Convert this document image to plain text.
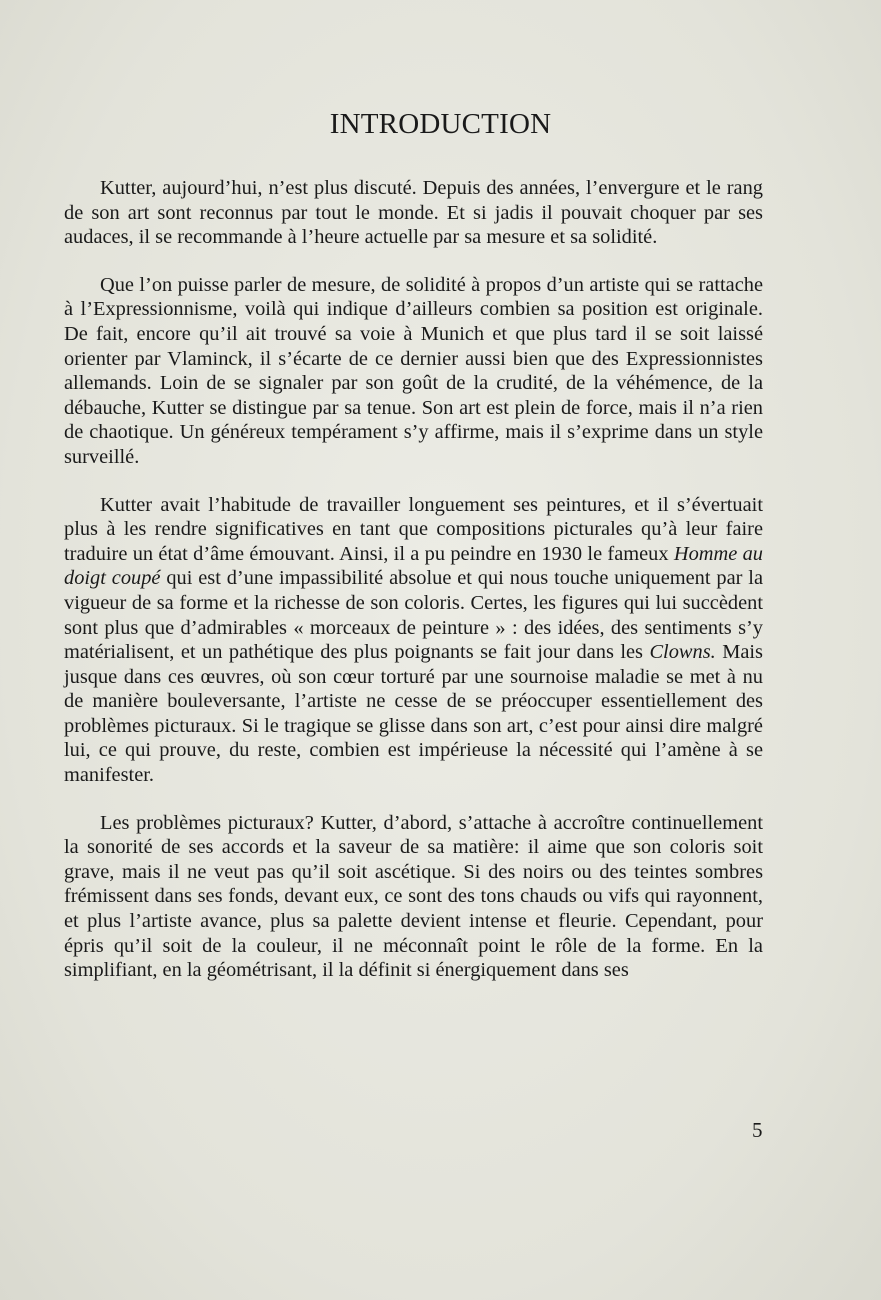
INTRODUCTION

Kutter, aujourd’hui, n’est plus discuté. Depuis des années, l’envergure et le rang de son art sont reconnus par tout le monde. Et si jadis il pouvait choquer par ses audaces, il se recommande à l’heure actuelle par sa mesure et sa solidité.

Que l’on puisse parler de mesure, de solidité à propos d’un artiste qui se rattache à l’Expressionnisme, voilà qui indique d’ailleurs combien sa position est originale. De fait, encore qu’il ait trouvé sa voie à Munich et que plus tard il se soit laissé orienter par Vlaminck, il s’écarte de ce dernier aussi bien que des Expressionnistes allemands. Loin de se signaler par son goût de la crudité, de la véhémence, de la débauche, Kutter se distingue par sa tenue. Son art est plein de force, mais il n’a rien de chaotique. Un généreux tempérament s’y affirme, mais il s’exprime dans un style surveillé.

Kutter avait l’habitude de travailler longuement ses peintures, et il s’évertuait plus à les rendre significatives en tant que compositions picturales qu’à leur faire traduire un état d’âme émouvant. Ainsi, il a pu peindre en 1930 le fameux Homme au doigt coupé qui est d’une impassibilité absolue et qui nous touche uniquement par la vigueur de sa forme et la richesse de son coloris. Certes, les figures qui lui succèdent sont plus que d’admirables « morceaux de peinture » : des idées, des sentiments s’y matérialisent, et un pathétique des plus poignants se fait jour dans les Clowns. Mais jusque dans ces œuvres, où son cœur torturé par une sournoise maladie se met à nu de manière bouleversante, l’artiste ne cesse de se préoccuper essentiellement des problèmes picturaux. Si le tragique se glisse dans son art, c’est pour ainsi dire malgré lui, ce qui prouve, du reste, combien est impérieuse la nécessité qui l’amène à se manifester.

Les problèmes picturaux? Kutter, d’abord, s’attache à accroître continuellement la sonorité de ses accords et la saveur de sa matière: il aime que son coloris soit grave, mais il ne veut pas qu’il soit ascétique. Si des noirs ou des teintes sombres frémissent dans ses fonds, devant eux, ce sont des tons chauds ou vifs qui rayonnent, et plus l’artiste avance, plus sa palette devient intense et fleurie. Cependant, pour épris qu’il soit de la couleur, il ne méconnaît point le rôle de la forme. En la simplifiant, en la géométrisant, il la définit si énergiquement dans ses

5
